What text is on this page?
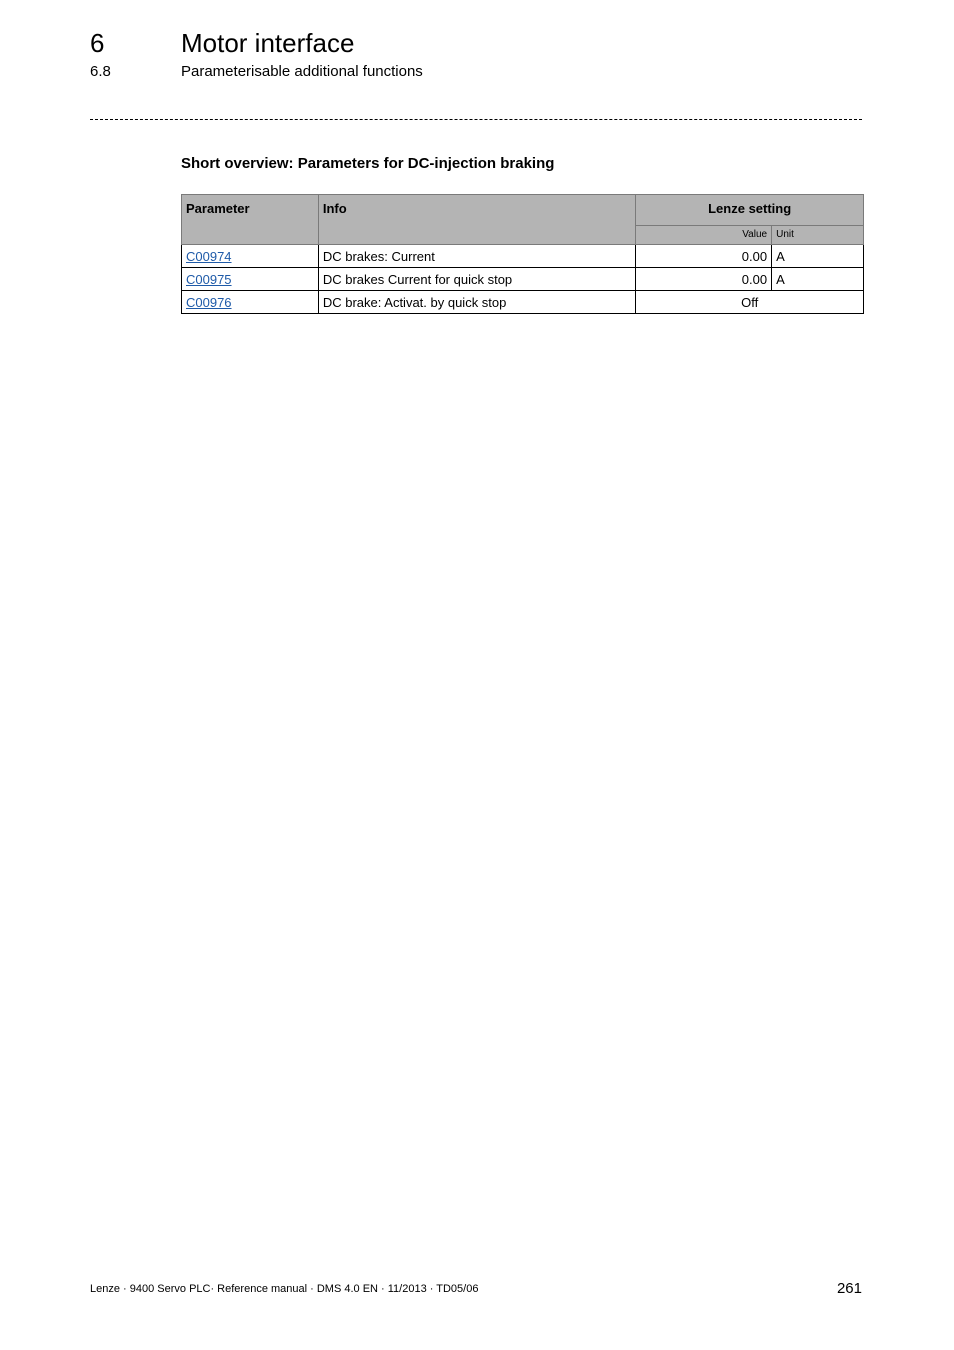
6	Motor interface
6.8	Parameterisable additional functions
Short overview: Parameters for DC-injection braking
Parameter	Info	Lenze setting	
		Value	Unit
C00974	DC brakes: Current	0.00	A
C00975	DC brakes Current for quick stop	0.00	A
C00976	DC brake: Activat. by quick stop	Off	
Lenze · 9400 Servo PLC· Reference manual · DMS 4.0 EN · 11/2013 · TD05/06	261
